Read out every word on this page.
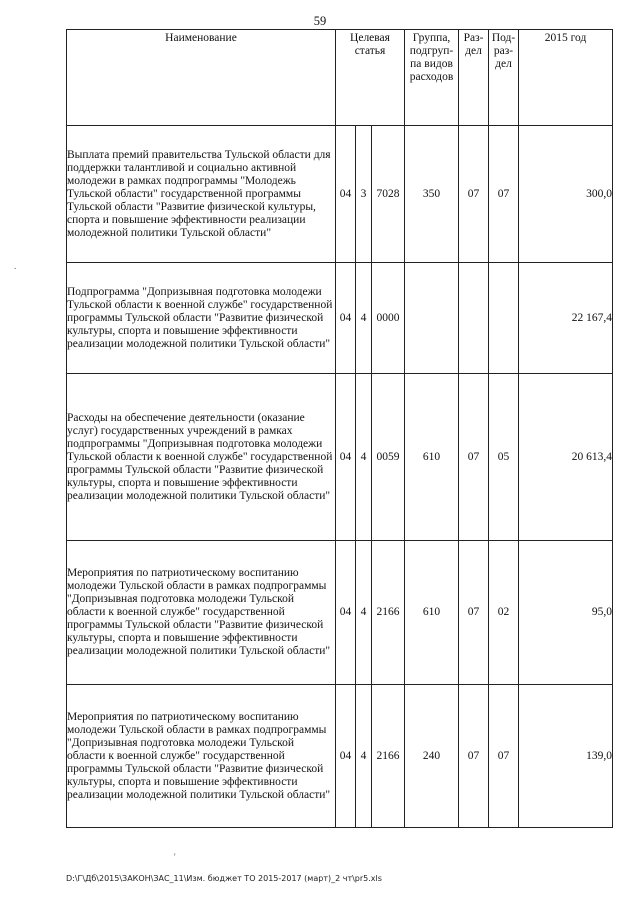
59
Наименование	Целевая статья			Группа, подгруп-па видов расходов	Раз-дел	Под-раз-дел	2015 год
Выплата премий правительства Тульской области для поддержки талантливой и социально активной молодежи в рамках подпрограммы "Молодежь Тульской области" государственной программы Тульской области "Развитие физической культуры, спорта и повышение эффективности реализации молодежной политики Тульской области"	04	3	7028	350	07	07	300,0
Подпрограмма "Допризывная подготовка молодежи Тульской области к военной службе" государственной программы Тульской области "Развитие физической культуры, спорта и повышение эффективности реализации молодежной политики Тульской области"	04	4	0000				22 167,4
Расходы на обеспечение деятельности (оказание услуг) государственных учреждений в рамках подпрограммы "Допризывная подготовка молодежи Тульской области к военной службе" государственной программы Тульской области "Развитие физической культуры, спорта и повышение эффективности реализации молодежной политики Тульской области"	04	4	0059	610	07	05	20 613,4
Мероприятия по патриотическому воспитанию молодежи Тульской области в рамках подпрограммы "Допризывная подготовка молодежи Тульской области к военной службе" государственной программы Тульской области "Развитие физической культуры, спорта и повышение эффективности реализации молодежной политики Тульской области"	04	4	2166	610	07	02	95,0
Мероприятия по патриотическому воспитанию молодежи Тульской области в рамках подпрограммы "Допризывная подготовка молодежи Тульской области к военной службе" государственной программы Тульской области "Развитие физической культуры, спорта и повышение эффективности реализации молодежной политики Тульской области"	04	4	2166	240	07	07	139,0
.
'
D:\Г\Дб\2015\ЗАКОН\ЗАС_11\Изм. бюджет ТО 2015-2017 (март)_2 чт\pr5.xls
